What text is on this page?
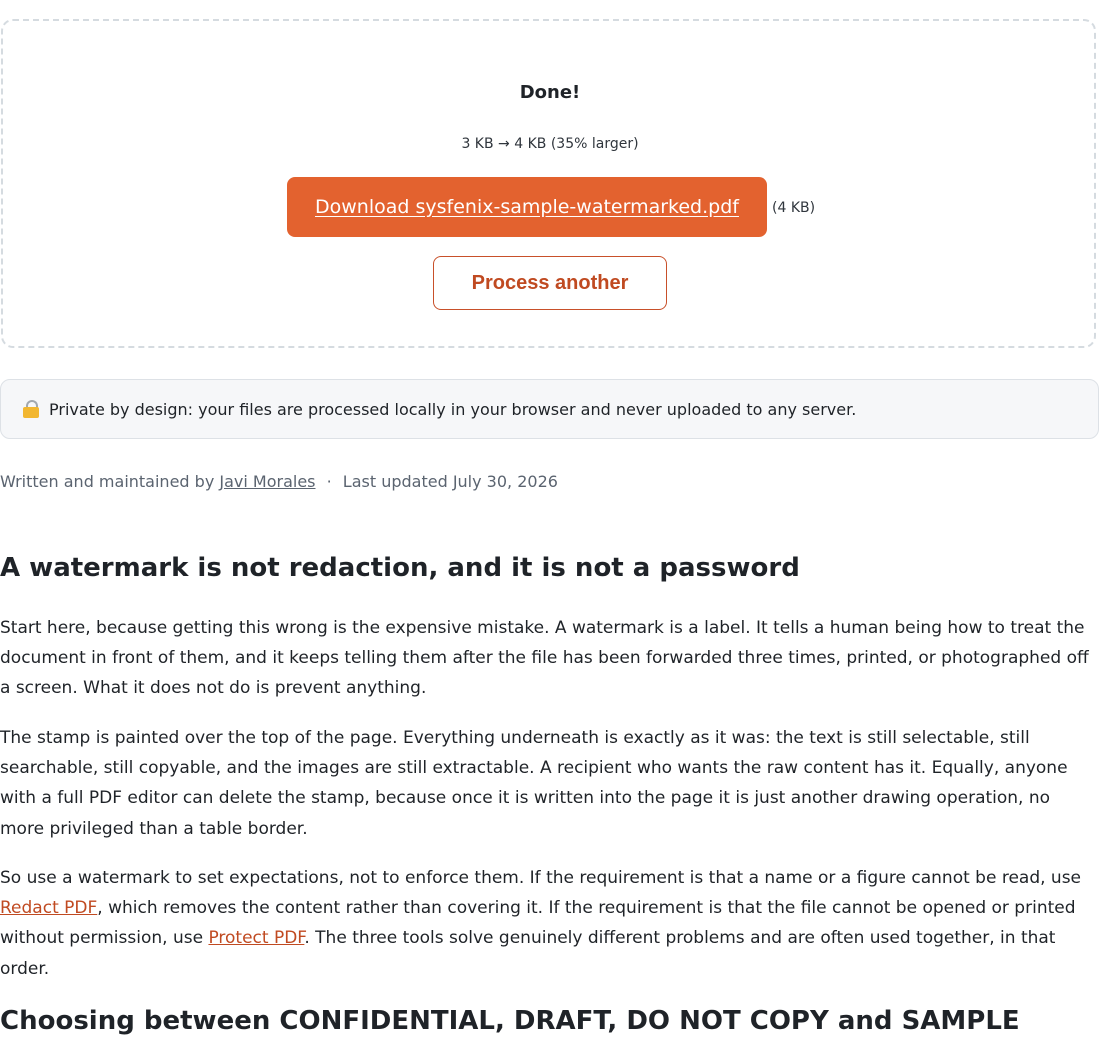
Done!
3 KB → 4 KB (35% larger)
Download sysfenix-sample-watermarked.pdf	(4 KB)
Process another
Private by design: your files are processed locally in your browser and never uploaded to any server.
Written and maintained by Javi Morales · Last updated July 30, 2026
A watermark is not redaction, and it is not a password

Start here, because getting this wrong is the expensive mistake. A watermark is a label. It tells a human being how to treat the document in front of them, and it keeps telling them after the file has been forwarded three times, printed, or photographed off a screen. What it does not do is prevent anything.

The stamp is painted over the top of the page. Everything underneath is exactly as it was: the text is still selectable, still searchable, still copyable, and the images are still extractable. A recipient who wants the raw content has it. Equally, anyone with a full PDF editor can delete the stamp, because once it is written into the page it is just another drawing operation, no more privileged than a table border.

So use a watermark to set expectations, not to enforce them. If the requirement is that a name or a figure cannot be read, use Redact PDF, which removes the content rather than covering it. If the requirement is that the file cannot be opened or printed without permission, use Protect PDF. The three tools solve genuinely different problems and are often used together, in that order.

Choosing between CONFIDENTIAL, DRAFT, DO NOT COPY and SAMPLE
